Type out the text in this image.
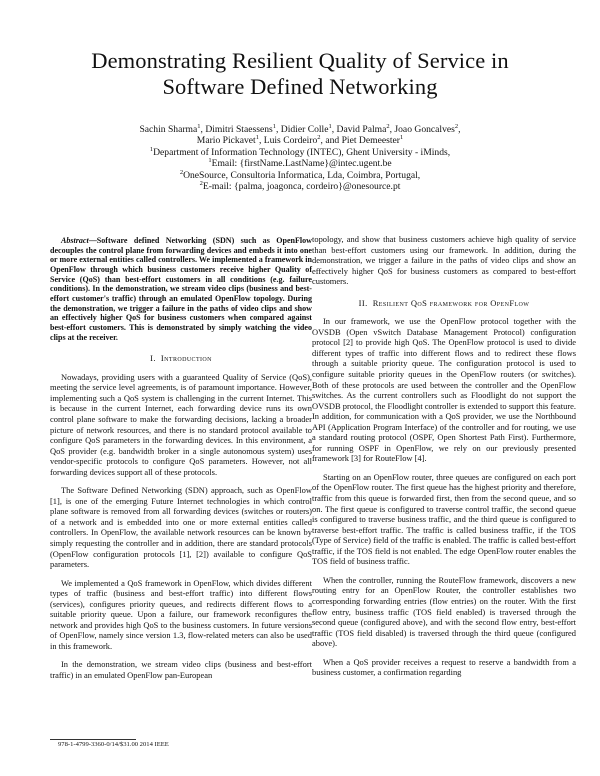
Demonstrating Resilient Quality of Service in
Software Defined Networking
Sachin Sharma$^1$, Dimitri Staessens$^1$, Didier Colle$^1$, David Palma$^2$, Joao Goncalves$^2$,
Mario Pickavet$^1$, Luis Cordeiro$^2$, and Piet Demeester$^1$
$^1$Department of Information Technology (INTEC), Ghent University - iMinds,
$^1$Email: {firstName.LastName}@intec.ugent.be
$^2$OneSource, Consultoria Informatica, Lda, Coimbra, Portugal,
$^2$E-mail: {palma, joagonca, cordeiro}@onesource.pt

Abstract—Software defined Networking (SDN) such as OpenFlow decouples the control plane from forwarding devices and embeds it into one or more external entities called controllers. We implemented a framework in OpenFlow through which business customers receive higher Quality of Service (QoS) than best-effort customers in all conditions (e.g. failure conditions). In the demonstration, we stream video clips (business and best-effort customer's traffic) through an emulated OpenFlow topology. During the demonstration, we trigger a failure in the paths of video clips and show an effectively higher QoS for business customers when compared against best-effort customers. This is demonstrated by simply watching the video clips at the receiver.

I. Introduction

Nowadays, providing users with a guaranteed Quality of Service (QoS), meeting the service level agreements, is of paramount importance. However, implementing such a QoS system is challenging in the current Internet. This is because in the current Internet, each forwarding device runs its own control plane software to make the forwarding decisions, lacking a broader picture of network resources, and there is no standard protocol available to configure QoS parameters in the forwarding devices. In this environment, a QoS provider (e.g. bandwidth broker in a single autonomous system) uses vendor-specific protocols to configure QoS parameters. However, not all forwarding devices support all of these protocols.

The Software Defined Networking (SDN) approach, such as OpenFlow [1], is one of the emerging Future Internet technologies in which control plane software is removed from all forwarding devices (switches or routers) of a network and is embedded into one or more external entities called controllers. In OpenFlow, the available network resources can be known by simply requesting the controller and in addition, there are standard protocols (OpenFlow configuration protocols [1], [2]) available to configure QoS parameters.

We implemented a QoS framework in OpenFlow, which divides different types of traffic (business and best-effort traffic) into different flows (services), configures priority queues, and redirects different flows to a suitable priority queue. Upon a failure, our framework reconfigures the network and provides high QoS to the business customers. In future versions of OpenFlow, namely since version 1.3, flow-related meters can also be used in this framework.

In the demonstration, we stream video clips (business and best-effort traffic) in an emulated OpenFlow pan-European

topology, and show that business customers achieve high quality of service than best-effort customers using our framework. In addition, during the demonstration, we trigger a failure in the paths of video clips and show an effectively higher QoS for business customers as compared to best-effort customers.

II. Resilient QoS framework for OpenFlow

In our framework, we use the OpenFlow protocol together with the OVSDB (Open vSwitch Database Management Protocol) configuration protocol [2] to provide high QoS. The OpenFlow protocol is used to divide different types of traffic into different flows and to redirect these flows through a suitable priority queue. The configuration protocol is used to configure suitable priority queues in the OpenFlow routers (or switches). Both of these protocols are used between the controller and the OpenFlow switches. As the current controllers such as Floodlight do not support the OVSDB protocol, the Floodlight controller is extended to support this feature. In addition, for communication with a QoS provider, we use the Northbound API (Application Program Interface) of the controller and for routing, we use a standard routing protocol (OSPF, Open Shortest Path First). Furthermore, for running OSPF in OpenFlow, we rely on our previously presented framework [3] for RouteFlow [4].

Starting on an OpenFlow router, three queues are configured on each port of the OpenFlow router. The first queue has the highest priority and therefore, traffic from this queue is forwarded first, then from the second queue, and so on. The first queue is configured to traverse control traffic, the second queue is configured to traverse business traffic, and the third queue is configured to traverse best-effort traffic. The traffic is called business traffic, if the TOS (Type of Service) field of the traffic is enabled. The traffic is called best-effort traffic, if the TOS field is not enabled. The edge OpenFlow router enables the TOS field of business traffic.

When the controller, running the RouteFlow framework, discovers a new routing entry for an OpenFlow Router, the controller establishes two corresponding forwarding entries (flow entries) on the router. With the first flow entry, business traffic (TOS field enabled) is traversed through the second queue (configured above), and with the second flow entry, best-effort traffic (TOS field disabled) is traversed through the third queue (configured above).

When a QoS provider receives a request to reserve a bandwidth from a business customer, a confirmation regarding

978-1-4799-3360-0/14/$31.00 2014 IEEE
